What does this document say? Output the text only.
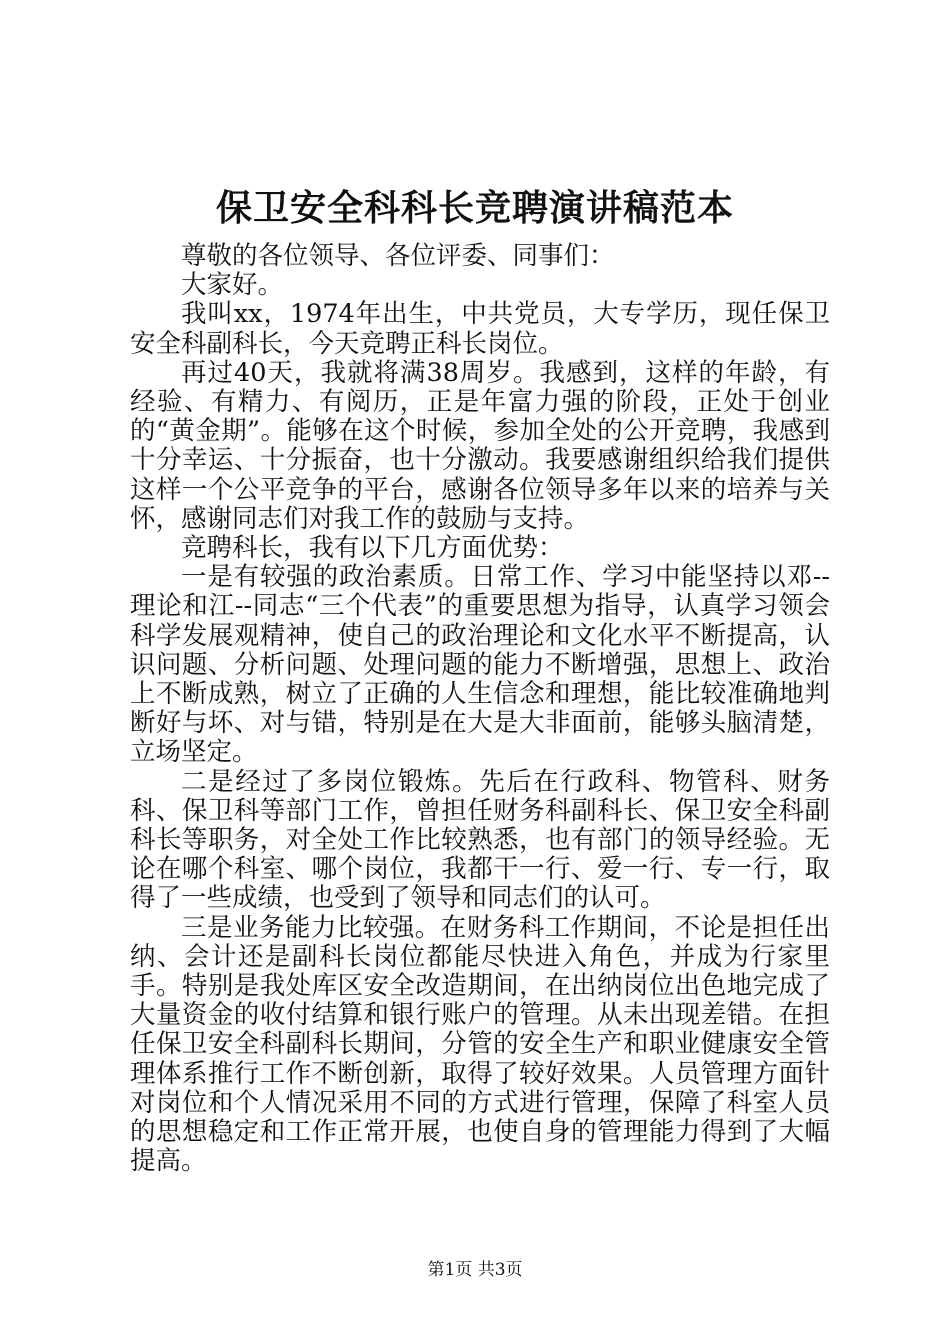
保卫安全科科长竞聘演讲稿范本

尊敬的各位领导、各位评委、同事们：

大家好。

我叫xx，1974年出生，中共党员，大专学历，现任保卫安全科副科长，今天竞聘正科长岗位。

再过40天，我就将满38周岁。我感到，这样的年龄，有经验、有精力、有阅历，正是年富力强的阶段，正处于创业的“黄金期”。能够在这个时候，参加全处的公开竞聘，我感到十分幸运、十分振奋，也十分激动。我要感谢组织给我们提供这样一个公平竞争的平台，感谢各位领导多年以来的培养与关怀，感谢同志们对我工作的鼓励与支持。

竞聘科长，我有以下几方面优势：

一是有较强的政治素质。日常工作、学习中能坚持以邓--理论和江--同志“三个代表”的重要思想为指导，认真学习领会科学发展观精神，使自己的政治理论和文化水平不断提高，认识问题、分析问题、处理问题的能力不断增强，思想上、政治上不断成熟，树立了正确的人生信念和理想，能比较准确地判断好与坏、对与错，特别是在大是大非面前，能够头脑清楚，立场坚定。

二是经过了多岗位锻炼。先后在行政科、物管科、财务科、保卫科等部门工作，曾担任财务科副科长、保卫安全科副科长等职务，对全处工作比较熟悉，也有部门的领导经验。无论在哪个科室、哪个岗位，我都干一行、爱一行、专一行，取得了一些成绩，也受到了领导和同志们的认可。

三是业务能力比较强。在财务科工作期间，不论是担任出纳、会计还是副科长岗位都能尽快进入角色，并成为行家里手。特别是我处库区安全改造期间，在出纳岗位出色地完成了大量资金的收付结算和银行账户的管理。从未出现差错。在担任保卫安全科副科长期间，分管的安全生产和职业健康安全管理体系推行工作不断创新，取得了较好效果。人员管理方面针对岗位和个人情况采用不同的方式进行管理，保障了科室人员的思想稳定和工作正常开展，也使自身的管理能力得到了大幅提高。

第1页 共3页
